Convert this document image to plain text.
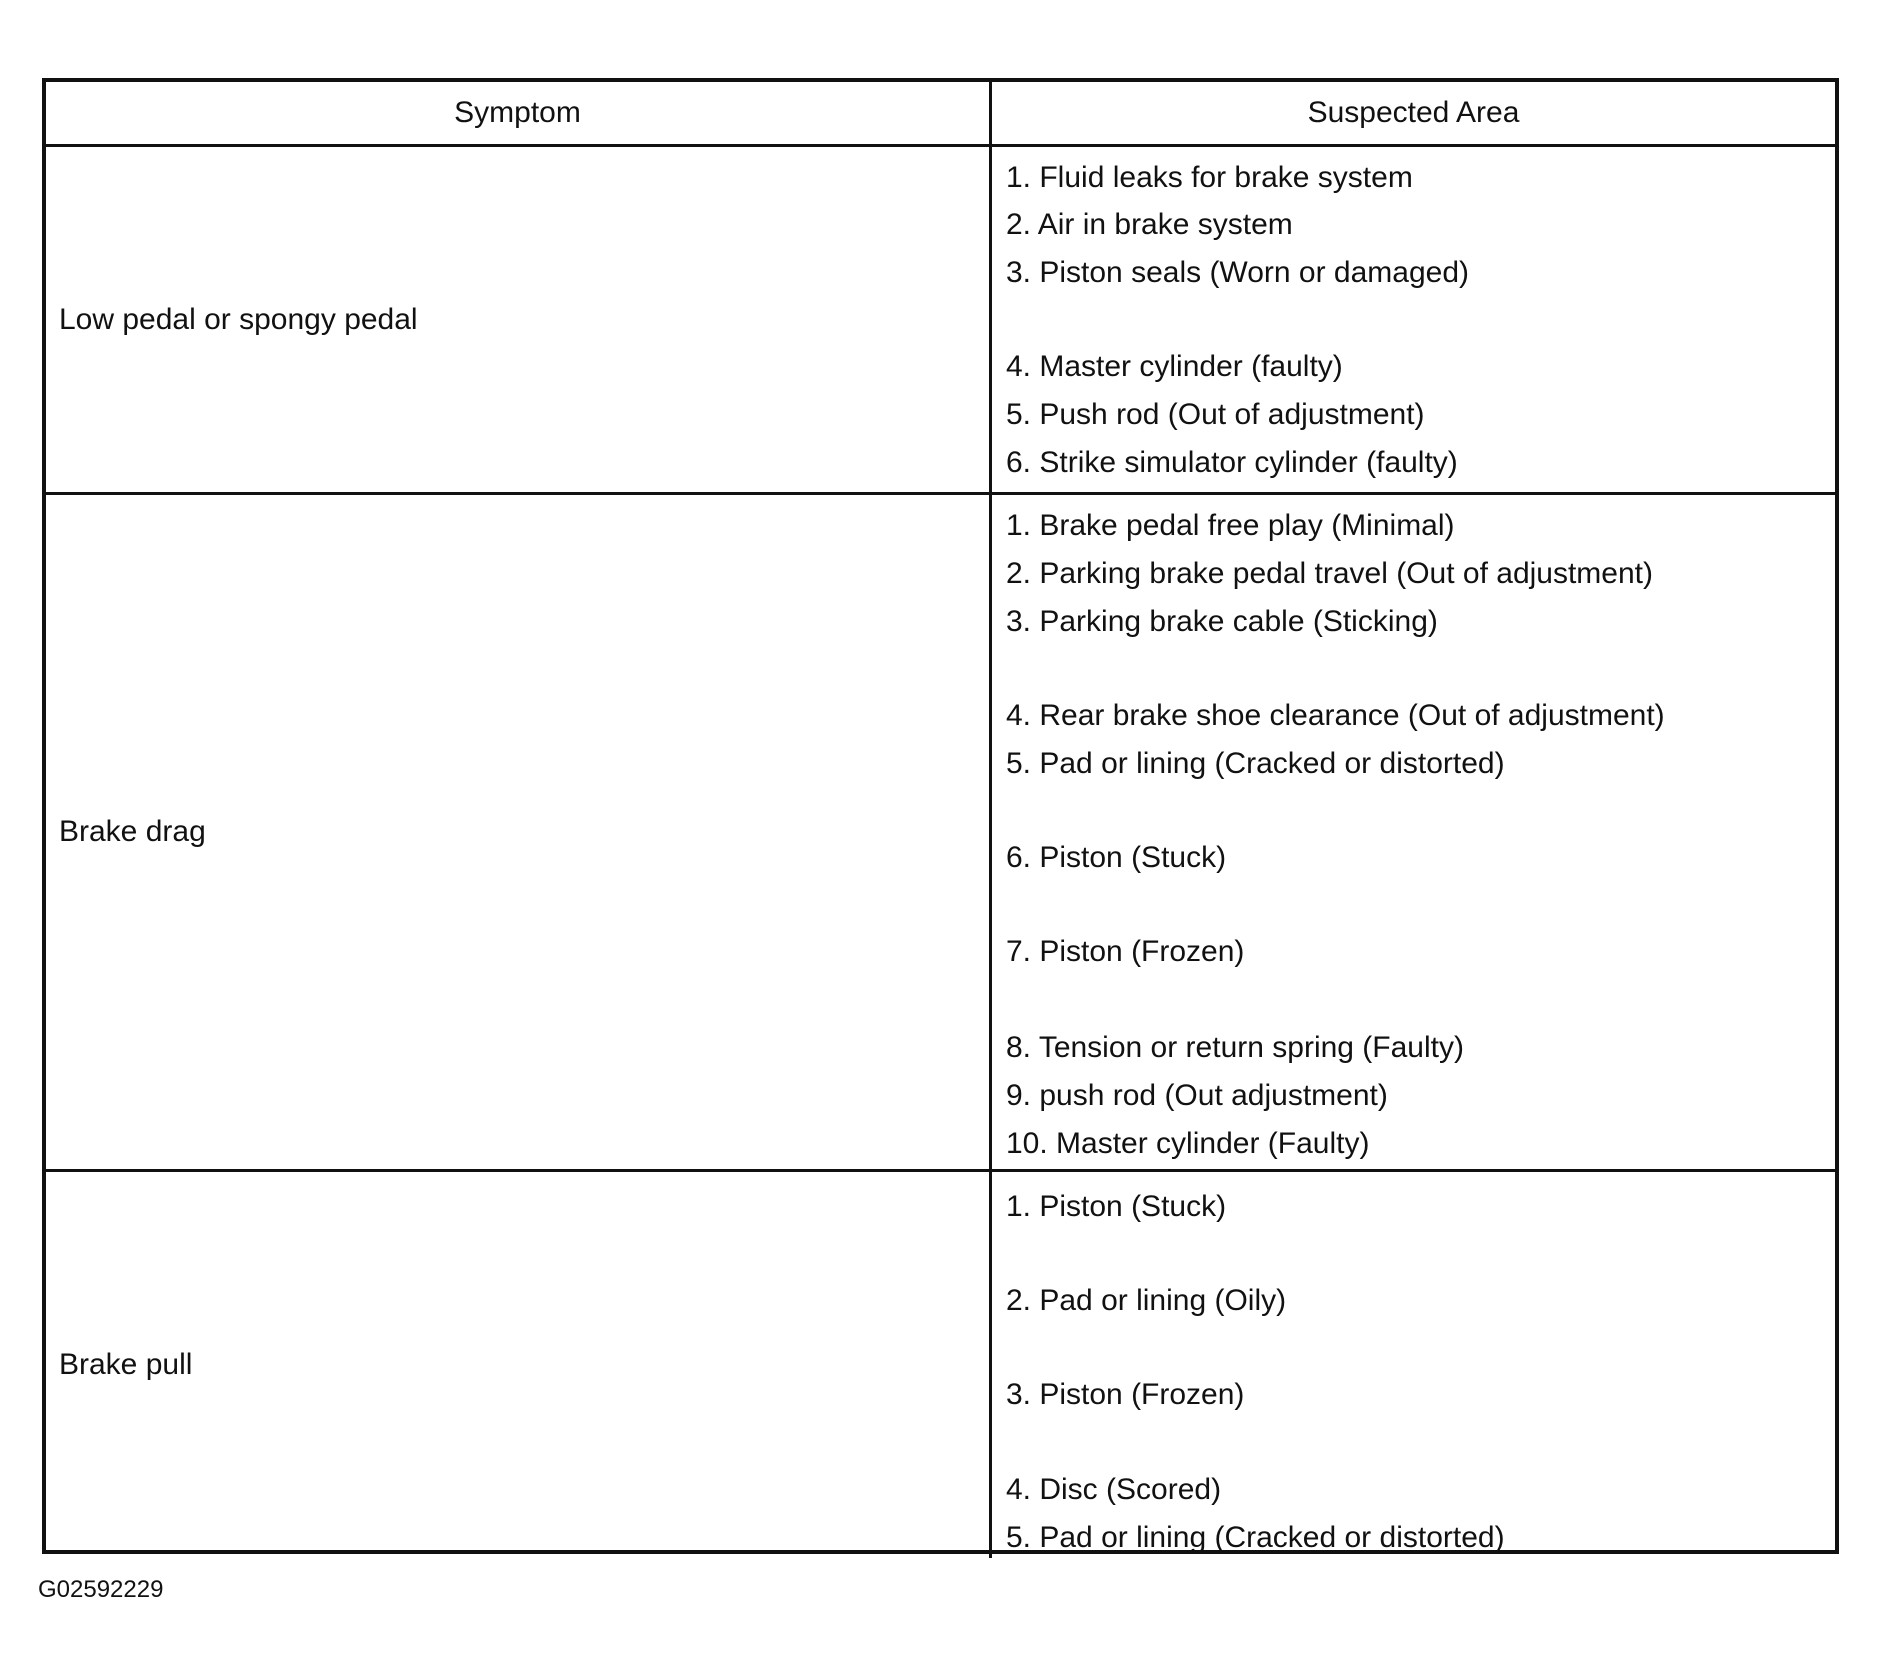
Symptom	Suspected Area
Low pedal or spongy pedal
1. Fluid leaks for brake system
2. Air in brake system
3. Piston seals (Worn or damaged)
4. Master cylinder (faulty)
5. Push rod (Out of adjustment)
6. Strike simulator cylinder (faulty)
Brake drag
1. Brake pedal free play (Minimal)
2. Parking brake pedal travel (Out of adjustment)
3. Parking brake cable (Sticking)
4. Rear brake shoe clearance (Out of adjustment)
5. Pad or lining (Cracked or distorted)
6. Piston (Stuck)
7. Piston (Frozen)
8. Tension or return spring (Faulty)
9. push rod (Out adjustment)
10. Master cylinder (Faulty)
Brake pull
1. Piston (Stuck)
2. Pad or lining (Oily)
3. Piston (Frozen)
4. Disc (Scored)
5. Pad or lining (Cracked or distorted)
G02592229
